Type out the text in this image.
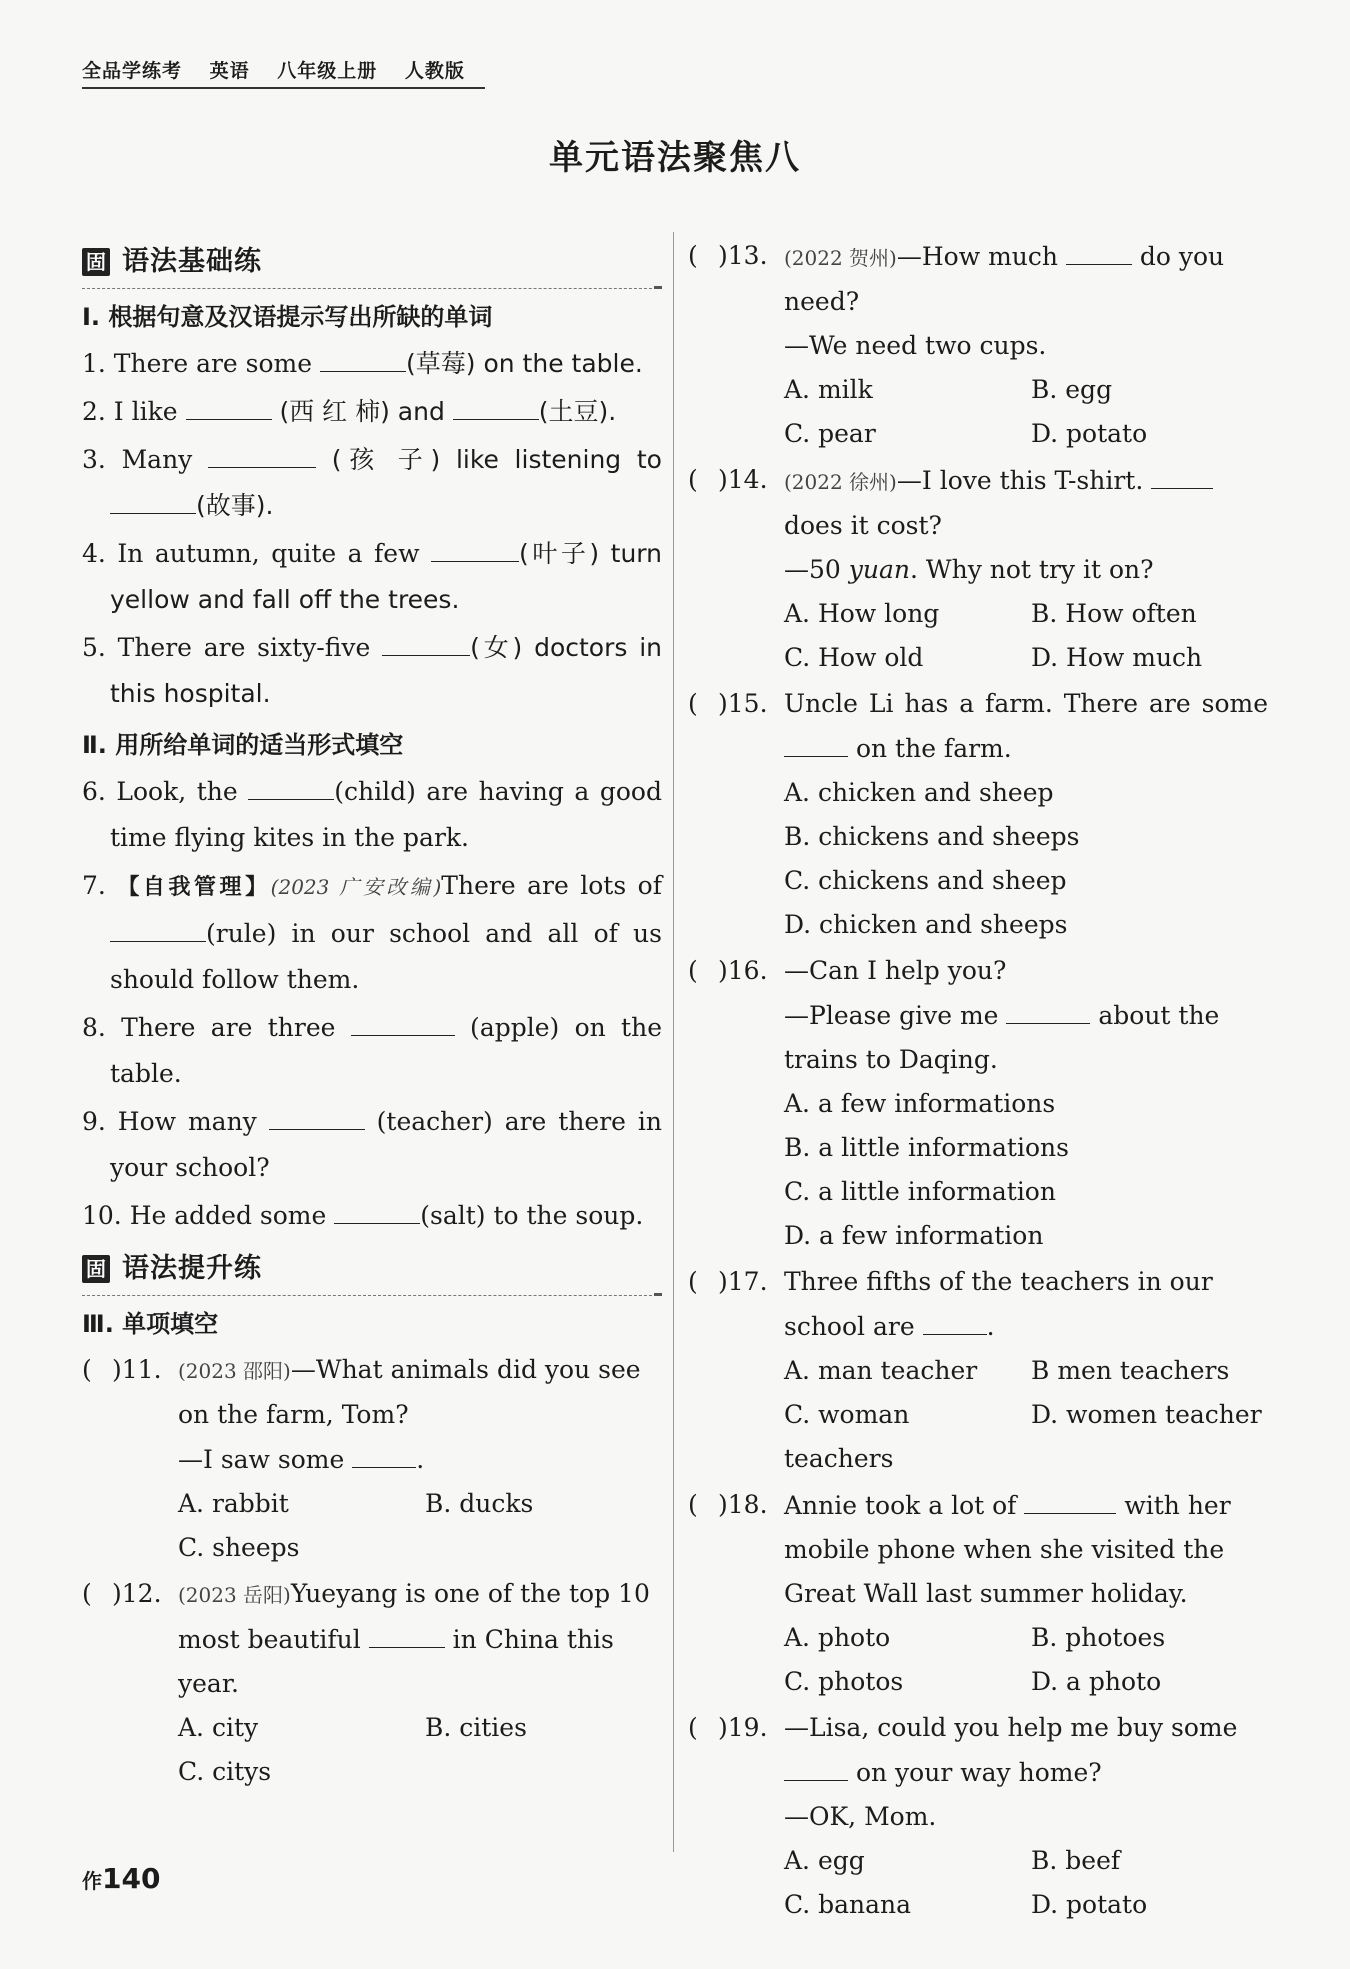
全品学练考 英语 八年级上册 人教版
单元语法聚焦八
固 语法基础练
Ⅰ. 根据句意及汉语提示写出所缺的单词
1. There are some	(草莓) on the table.
2. I like	(西 红 柿) and	(土豆).
3. Many	(孩 子) like listening to (故事).
4. In autumn, quite a few	(叶子) turn yellow and fall off the trees.
5. There are sixty-five	(女) doctors in this hospital.
Ⅱ. 用所给单词的适当形式填空
6. Look, the	(child) are having a good time flying kites in the park.
7. 【自我管理】(2023 广安改编)There are lots of (rule) in our school and all of us should follow them.
8. There are three	(apple) on the table.
9. How many	(teacher) are there in your school?
10. He added some	(salt) to the soup.
固 语法提升练
Ⅲ. 单项填空
( )11. (2023 邵阳)—What animals did you see on the farm, Tom?
—I saw some	.
A. rabbit	B. ducks
C. sheeps
( )12. (2023 岳阳)Yueyang is one of the top 10 most beautiful	in China this year.
A. city	B. cities
C. citys
( )13. (2022 贺州)—How much	do you need?
—We need two cups.
A. milk	B. egg
C. pear	D. potato
( )14. (2022 徐州)—I love this T-shirt.  does it cost?
—50 yuan. Why not try it on?
A. How long	B. How often
C. How old	D. How much
( )15. Uncle Li has a farm. There are some  on the farm.
A. chicken and sheep
B. chickens and sheeps
C. chickens and sheep
D. chicken and sheeps
( )16. —Can I help you?
—Please give me	about the trains to Daqing.
A. a few informations
B. a little informations
C. a little information
D. a few information
( )17. Three fifths of the teachers in our school are	.
A. man teacher	B men teachers
C. woman teachers
D. women teacher
( )18. Annie took a lot of	with her mobile phone when she visited the Great Wall last summer holiday.
A. photo	B. photoes
C. photos	D. a photo
( )19. —Lisa, could you help me buy some  on your way home?
—OK, Mom.
A. egg	B. beef
C. banana	D. potato
作140
